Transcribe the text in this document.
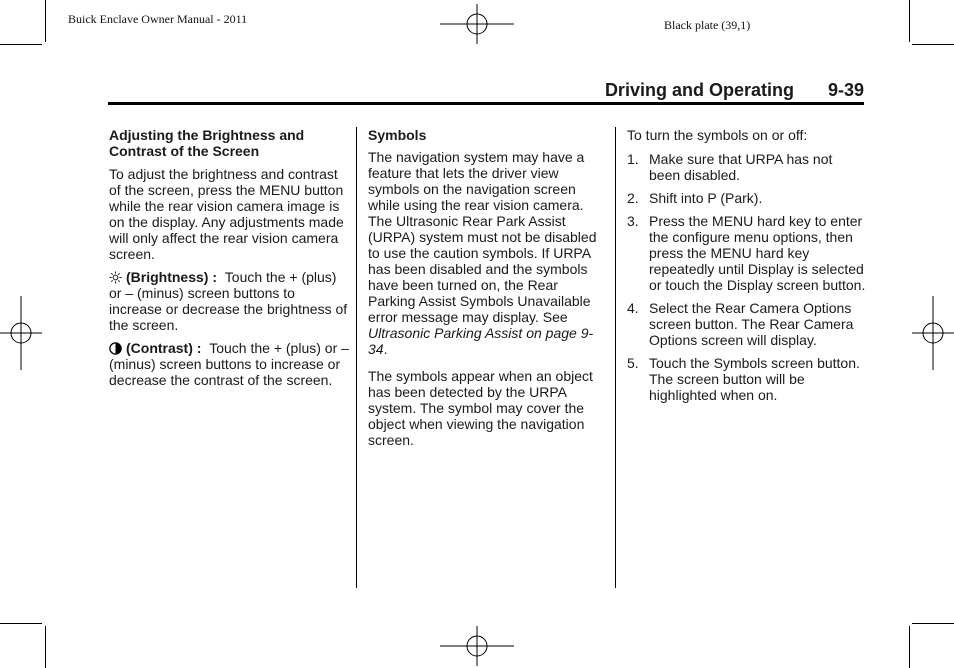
Buick Enclave Owner Manual - 2011	Black plate (39,1)
Driving and Operating 9-39

Adjusting the Brightness and Contrast of the Screen

To adjust the brightness and contrast of the screen, press the MENU button while the rear vision camera image is on the display. Any adjustments made will only affect the rear vision camera screen.

(Brightness) : Touch the + (plus) or – (minus) screen buttons to increase or decrease the brightness of the screen.

(Contrast) : Touch the + (plus) or – (minus) screen buttons to increase or decrease the contrast of the screen.

Symbols

The navigation system may have a feature that lets the driver view symbols on the navigation screen while using the rear vision camera. The Ultrasonic Rear Park Assist (URPA) system must not be disabled to use the caution symbols. If URPA has been disabled and the symbols have been turned on, the Rear Parking Assist Symbols Unavailable error message may display. See Ultrasonic Parking Assist on page 9-34.

The symbols appear when an object has been detected by the URPA system. The symbol may cover the object when viewing the navigation screen.

To turn the symbols on or off:

1. Make sure that URPA has not been disabled.
2. Shift into P (Park).
3. Press the MENU hard key to enter the configure menu options, then press the MENU hard key repeatedly until Display is selected or touch the Display screen button.
4. Select the Rear Camera Options screen button. The Rear Camera Options screen will display.
5. Touch the Symbols screen button. The screen button will be highlighted when on.
